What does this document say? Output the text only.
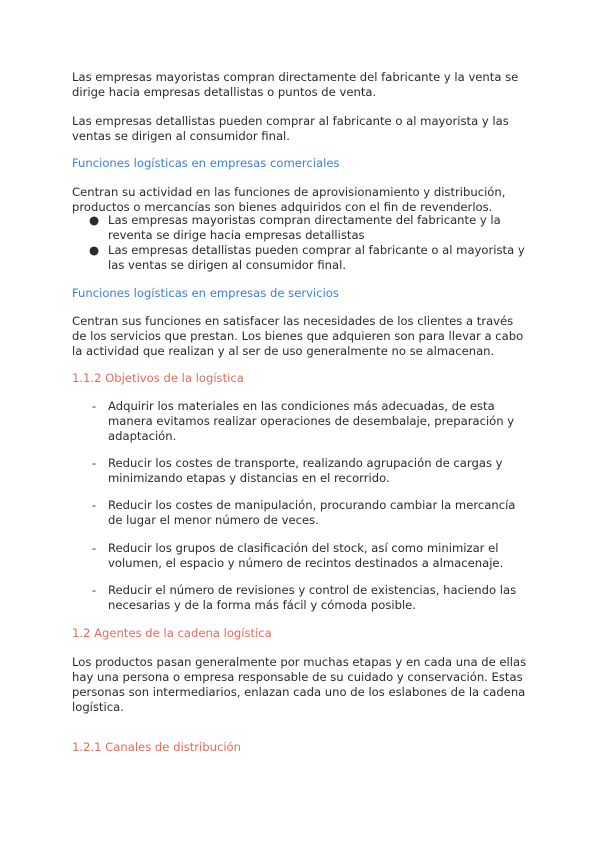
Las empresas mayoristas compran directamente del fabricante y la venta se dirige hacia empresas detallistas o puntos de venta.

Las empresas detallistas pueden comprar al fabricante o al mayorista y las ventas se dirigen al consumidor final.

Funciones logísticas en empresas comerciales

Centran su actividad en las funciones de aprovisionamiento y distribución, productos o mercancías son bienes adquiridos con el fin de revenderlos.

● Las empresas mayoristas compran directamente del fabricante y la reventa se dirige hacia empresas detallistas
● Las empresas detallistas pueden comprar al fabricante o al mayorista y las ventas se dirigen al consumidor final.

Funciones logísticas en empresas de servicios

Centran sus funciones en satisfacer las necesidades de los clientes a través de los servicios que prestan. Los bienes que adquieren son para llevar a cabo la actividad que realizan y al ser de uso generalmente no se almacenan.

1.1.2 Objetivos de la logística

-	Adquirir los materiales en las condiciones más adecuadas, de esta manera evitamos realizar operaciones de desembalaje, preparación y adaptación.
-	Reducir los costes de transporte, realizando agrupación de cargas y minimizando etapas y distancias en el recorrido.
-	Reducir los costes de manipulación, procurando cambiar la mercancía de lugar el menor número de veces.
-	Reducir los grupos de clasificación del stock, así como minimizar el volumen, el espacio y número de recintos destinados a almacenaje.
-	Reducir el número de revisiones y control de existencias, haciendo las necesarias y de la forma más fácil y cómoda posible.

1.2 Agentes de la cadena logística

Los productos pasan generalmente por muchas etapas y en cada una de ellas hay una persona o empresa responsable de su cuidado y conservación. Estas personas son intermediarios, enlazan cada uno de los eslabones de la cadena logística.

1.2.1 Canales de distribución
